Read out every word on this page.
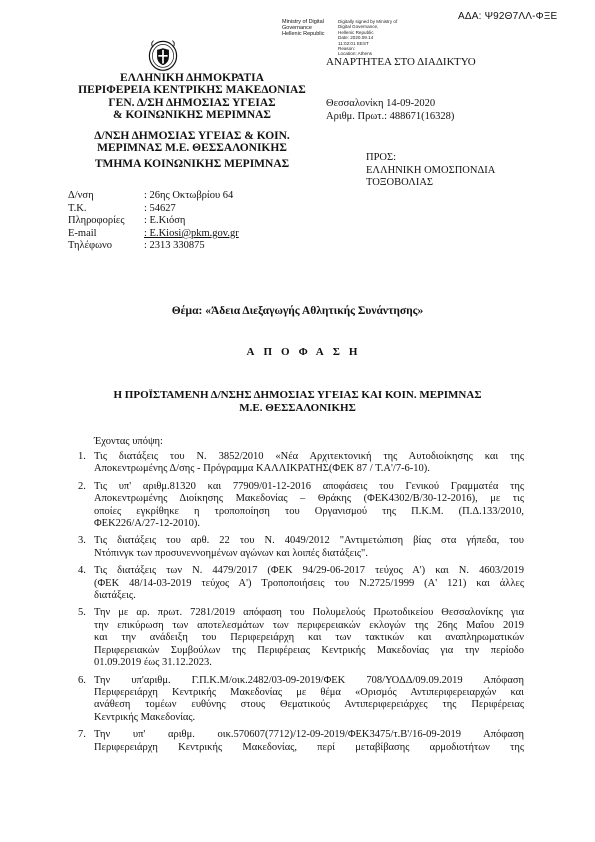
ΑΔΑ: Ψ92Θ7ΛΛ-ΦΞΕ
Ministry of Digital
Governance
Hellenic Republic
Digitally signed by Ministry of
Digital Governance,
Hellenic Republic
Date: 2020.09.14
11:02:01 EEST
Reason:
Location: Athens
ΕΛΛΗΝΙΚΗ ΔΗΜΟΚΡΑΤΙΑ
ΠΕΡΙΦΕΡΕΙΑ ΚΕΝΤΡΙΚΗΣ ΜΑΚΕΔΟΝΙΑΣ
ΓΕΝ. Δ/ΣΗ ΔΗΜΟΣΙΑΣ ΥΓΕΙΑΣ
& ΚΟΙΝΩΝΙΚΗΣ ΜΕΡΙΜΝΑΣ
Δ/ΝΣΗ ΔΗΜΟΣΙΑΣ ΥΓΕΙΑΣ & ΚΟΙΝ.
ΜΕΡΙΜΝΑΣ Μ.Ε. ΘΕΣΣΑΛΟΝΙΚΗΣ
ΤΜΗΜΑ ΚΟΙΝΩΝΙΚΗΣ ΜΕΡΙΜΝΑΣ
ΑΝΑΡΤΗΤΕΑ ΣΤΟ ΔΙΑΔΙΚΤΥΟ
Θεσσαλονίκη 14-09-2020
Αριθμ. Πρωτ.: 488671(16328)
ΠΡΟΣ:
ΕΛΛΗΝΙΚΗ ΟΜΟΣΠΟΝΔΙΑ
ΤΟΞΟΒΟΛΙΑΣ
Δ/νση	: 26ης Οκτωβρίου 64
Τ.Κ.	: 54627
Πληροφορίες	: Ε.Κιόση
E-mail	: E.Kiosi@pkm.gov.gr
Τηλέφωνο	: 2313 330875
Θέμα: «Άδεια Διεξαγωγής Αθλητικής Συνάντησης»
ΑΠΟΦΑΣΗ
Η ΠΡΟΪΣΤΑΜΕΝΗ Δ/ΝΣΗΣ ΔΗΜΟΣΙΑΣ ΥΓΕΙΑΣ ΚΑΙ ΚΟΙΝ. ΜΕΡΙΜΝΑΣ
Μ.Ε. ΘΕΣΣΑΛΟΝΙΚΗΣ
Έχοντας υπόψη:
1. Τις διατάξεις του Ν. 3852/2010 «Νέα Αρχιτεκτονική της Αυτοδιοίκησης και της
Αποκεντρωμένης Δ/σης - Πρόγραμμα ΚΑΛΛΙΚΡΑΤΗΣ(ΦΕΚ 87 / Τ.Α'/7-6-10).
2. Τις υπ' αριθμ.81320 και 77909/01-12-2016 αποφάσεις του Γενικού Γραμματέα της
Αποκεντρωμένης Διοίκησης Μακεδονίας – Θράκης (ΦΕΚ4302/Β/30-12-2016), με τις
οποίες εγκρίθηκε η τροποποίηση του Οργανισμού της Π.Κ.Μ. (Π.Δ.133/2010,
ΦΕΚ226/Α/27-12-2010).
3. Τις διατάξεις του αρθ. 22 του Ν. 4049/2012 "Αντιμετώπιση βίας στα γήπεδα, του
Ντόπινγκ των προσυνεννοημένων αγώνων και λοιπές διατάξεις".
4. Τις διατάξεις των Ν. 4479/2017 (ΦΕΚ 94/29-06-2017 τεύχος Α') και Ν. 4603/2019
(ΦΕΚ 48/14-03-2019 τεύχος Α') Τροποποιήσεις του Ν.2725/1999 (Α' 121) και άλλες
διατάξεις.
5. Την με αρ. πρωτ. 7281/2019 απόφαση του Πολυμελούς Πρωτοδικείου Θεσσαλονίκης για
την επικύρωση των αποτελεσμάτων των περιφερειακών εκλογών της 26ης Μαΐου 2019
και την ανάδειξη του Περιφερειάρχη και των τακτικών και αναπληρωματικών
Περιφερειακών Συμβούλων της Περιφέρειας Κεντρικής Μακεδονίας για την περίοδο
01.09.2019 έως 31.12.2023.
6. Την υπ'αριθμ. Γ.Π.Κ.Μ/οικ.2482/03-09-2019/ΦΕΚ 708/ΥΟΔΔ/09.09.2019 Απόφαση
Περιφερειάρχη Κεντρικής Μακεδονίας με θέμα «Ορισμός Αντιπεριφερειαρχών και
ανάθεση τομέων ευθύνης στους Θεματικούς Αντιπεριφερειάρχες της Περιφέρειας
Κεντρικής Μακεδονίας.
7. Την υπ' αριθμ. οικ.570607(7712)/12-09-2019/ΦΕΚ3475/τ.Β'/16-09-2019 Απόφαση
Περιφερειάρχη Κεντρικής Μακεδονίας, περί μεταβίβασης αρμοδιοτήτων της
